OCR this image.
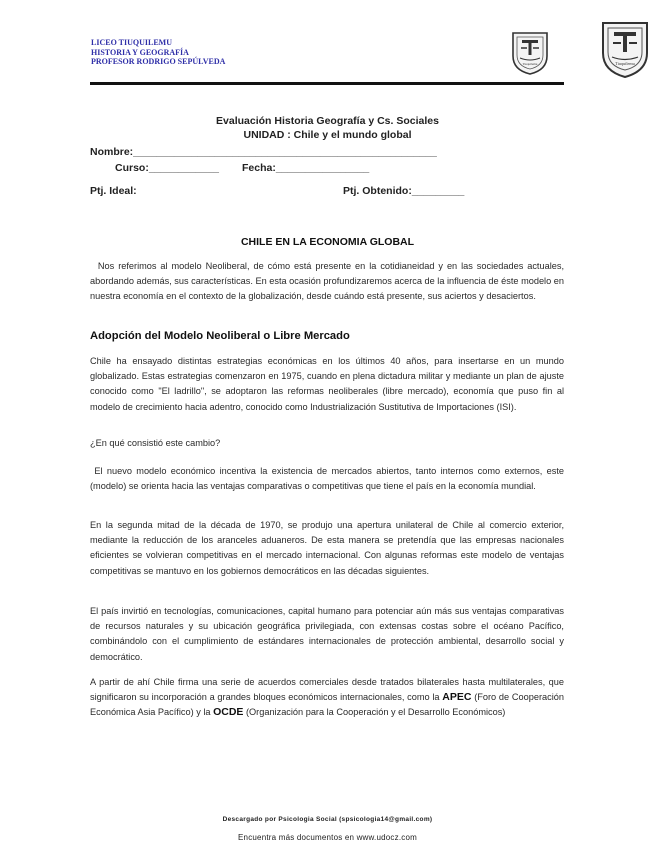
LICEO TIUQUILEMU
HISTORIA Y GEOGRAFÍA
PROFESOR RODRIGO SEPÚLVEDA	Tiuquilemu	Tiuquilemu
Evaluación Historia Geografía y Cs. Sociales
UNIDAD : Chile y el mundo global
Nombre:____________________________________________________
Curso:____________ Fecha:________________
Ptj. Ideal:	Ptj. Obtenido:_________
CHILE EN LA ECONOMIA GLOBAL

Nos referimos al modelo Neoliberal, de cómo está presente en la cotidianeidad y en las sociedades actuales, abordando además, sus características. En esta ocasión profundizaremos acerca de la influencia de éste modelo en nuestra economía en el contexto de la globalización, desde cuándo está presente, sus aciertos y desaciertos.

Adopción del Modelo Neoliberal o Libre Mercado

Chile ha ensayado distintas estrategias económicas en los últimos 40 años, para insertarse en un mundo globalizado. Estas estrategias comenzaron en 1975, cuando en plena dictadura militar y mediante un plan de ajuste conocido como "El ladrillo", se adoptaron las reformas neoliberales (libre mercado), economía que puso fin al modelo de crecimiento hacia adentro, conocido como Industrialización Sustitutiva de Importaciones (ISI).

¿En qué consistió este cambio?

El nuevo modelo económico incentiva la existencia de mercados abiertos, tanto internos como externos, este (modelo) se orienta hacia las ventajas comparativas o competitivas que tiene el país en la economía mundial.

En la segunda mitad de la década de 1970, se produjo una apertura unilateral de Chile al comercio exterior, mediante la reducción de los aranceles aduaneros. De esta manera se pretendía que las empresas nacionales eficientes se volvieran competitivas en el mercado internacional. Con algunas reformas este modelo de ventajas competitivas se mantuvo en los gobiernos democráticos en las décadas siguientes.

El país invirtió en tecnologías, comunicaciones, capital humano para potenciar aún más sus ventajas comparativas de recursos naturales y su ubicación geográfica privilegiada, con extensas costas sobre el océano Pacífico, combinándolo con el cumplimiento de estándares internacionales de protección ambiental, desarrollo social y democrático.

A partir de ahí Chile firma una serie de acuerdos comerciales desde tratados bilaterales hasta multilaterales, que significaron su incorporación a grandes bloques económicos internacionales, como la APEC (Foro de Cooperación Económica Asia Pacífico) y la OCDE (Organización para la Cooperación y el Desarrollo Económicos)

Descargado por Psicologia Social (spsicologia14@gmail.com)
Encuentra más documentos en www.udocz.com
